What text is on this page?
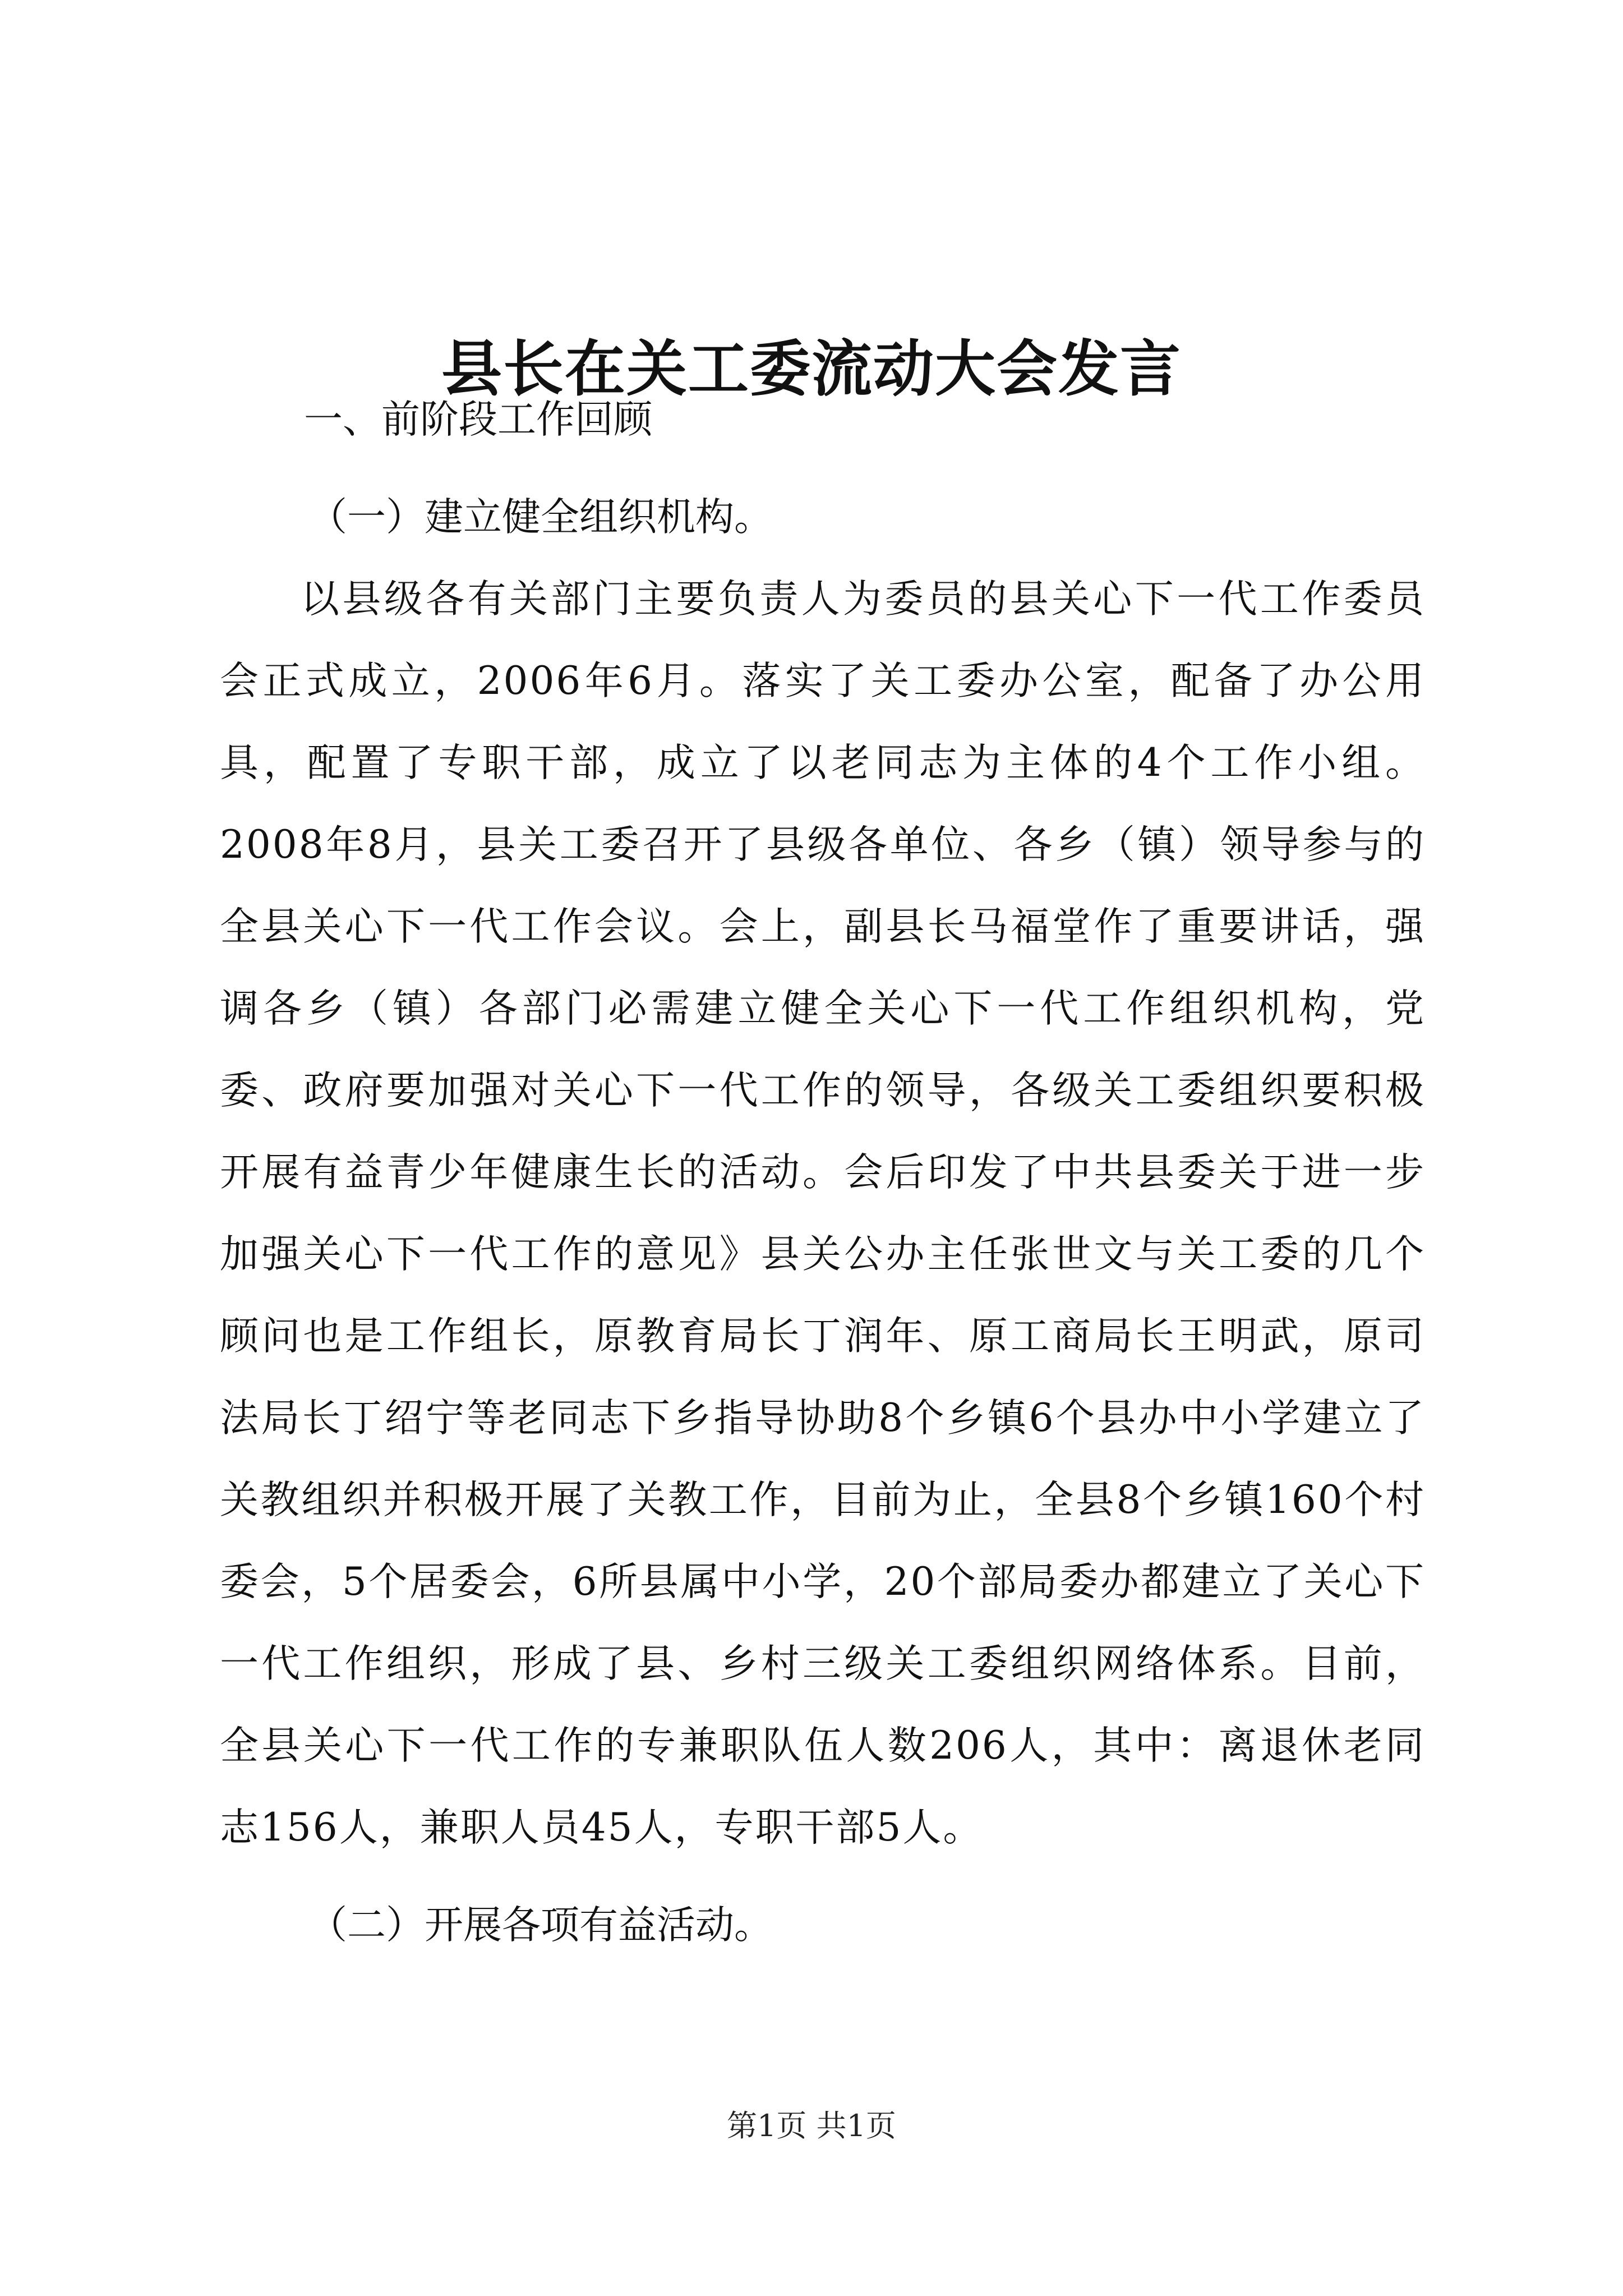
县长在关工委流动大会发言

一、前阶段工作回顾

（一）建立健全组织机构。

以县级各有关部门主要负责人为委员的县关心下一代工作委员会正式成立，2006年6月。落实了关工委办公室，配备了办公用具，配置了专职干部，成立了以老同志为主体的4个工作小组。2008年8月，县关工委召开了县级各单位、各乡（镇）领导参与的全县关心下一代工作会议。会上，副县长马福堂作了重要讲话，强调各乡（镇）各部门必需建立健全关心下一代工作组织机构，党委、政府要加强对关心下一代工作的领导，各级关工委组织要积极开展有益青少年健康生长的活动。会后印发了中共县委关于进一步加强关心下一代工作的意见》县关公办主任张世文与关工委的几个顾问也是工作组长，原教育局长丁润年、原工商局长王明武，原司法局长丁绍宁等老同志下乡指导协助8个乡镇6个县办中小学建立了关教组织并积极开展了关教工作，目前为止，全县8个乡镇160个村委会，5个居委会，6所县属中小学，20个部局委办都建立了关心下一代工作组织，形成了县、乡村三级关工委组织网络体系。目前，全县关心下一代工作的专兼职队伍人数206人，其中：离退休老同志156人，兼职人员45人，专职干部5人。

（二）开展各项有益活动。

第1页 共1页
